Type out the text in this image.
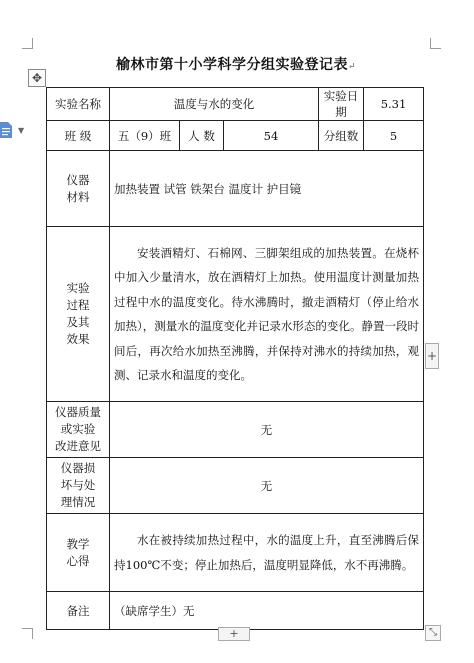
▼
✥
榆林市第十小学科学分组实验登记表↵
实验名称	温度与水的变化			实验日期	5.31
班 级	五（9）班	人 数	54	分组数	5

仪器
材料	加热装置 试管 铁架台 温度计 护目镜				

实验
过程
及其
效果	安装酒精灯、石棉网、三脚架组成的加热装置。在烧杯中加入少量清水，放在酒精灯上加热。使用温度计测量加热过程中水的温度变化。待水沸腾时，撤走酒精灯（停止给水加热），测量水的温度变化并记录水形态的变化。静置一段时间后，再次给水加热至沸腾，并保持对沸水的持续加热，观测、记录水和温度的变化。				

仪器质量
或实验
改进意见	无				

仪器损
坏与处
理情况	无				

教学
心得	水在被持续加热过程中，水的温度上升，直至沸腾后保持100℃不变；停止加热后，温度明显降低，水不再沸腾。				
备注	（缺席学生）无				
+
+	⤡
